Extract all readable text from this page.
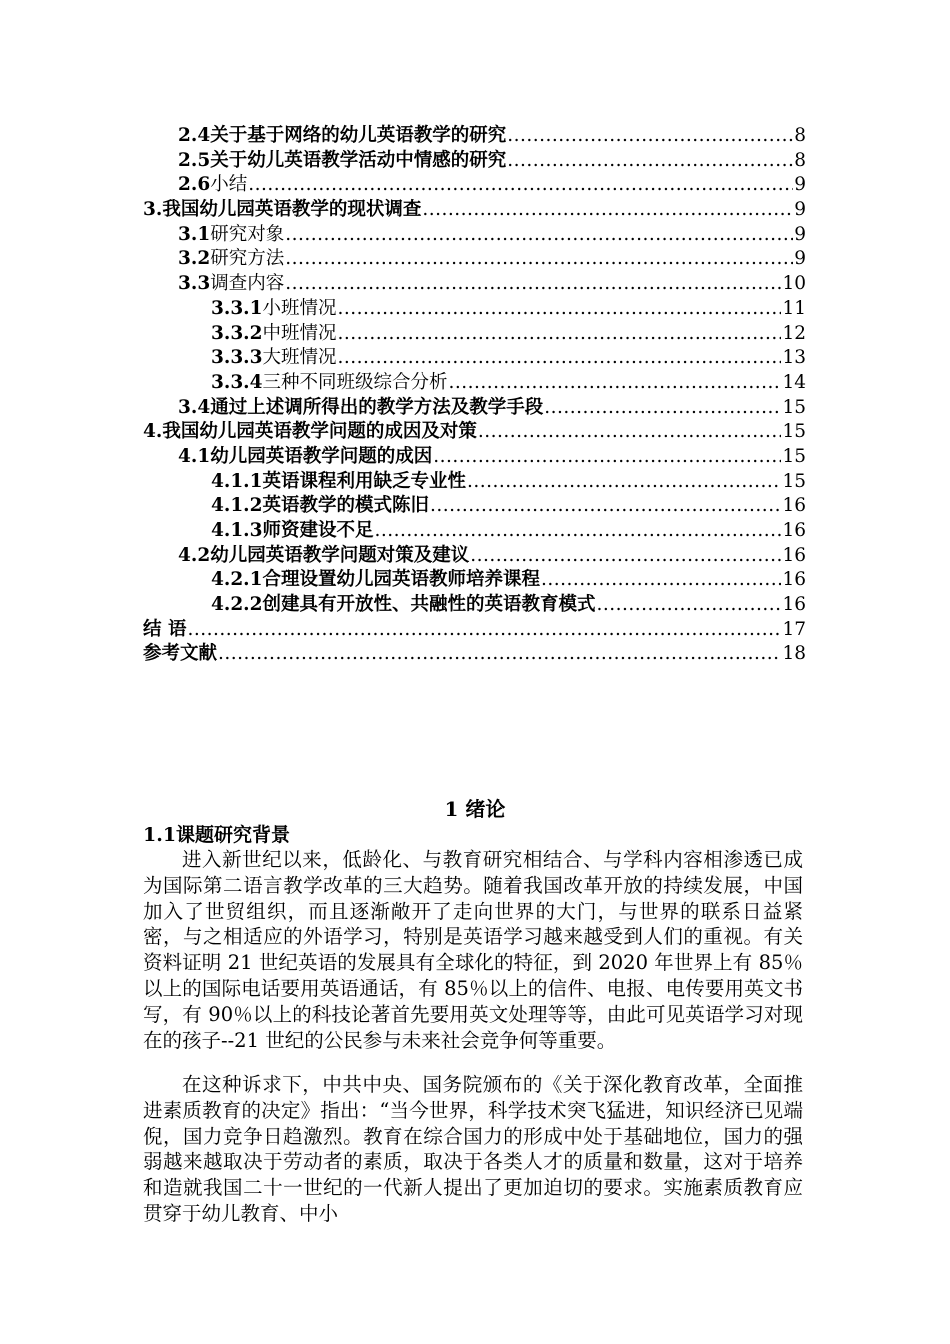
2.4 关于基于网络的幼儿英语教学的研究 .....	8
2.5 关于幼儿英语教学活动中情感的研究 .....	8
2.6 小结 .....	9
3. 我国幼儿园英语教学的现状调查 .....	9
3.1 研究对象 .....	9
3.2 研究方法 .....	9
3.3 调查内容 .....	10
3.3.1 小班情况 .....	11
3.3.2 中班情况 .....	12
3.3.3 大班情况 .....	13
3.3.4 三种不同班级综合分析 .....	14
3.4 通过上述调所得出的教学方法及教学手段 .....	15
4. 我国幼儿园英语教学问题的成因及对策 .....	15
4.1 幼儿园英语教学问题的成因 .....	15
4.1.1 英语课程利用缺乏专业性 .....	15
4.1.2 英语教学的模式陈旧 .....	16
4.1.3 师资建设不足 .....	16
4.2 幼儿园英语教学问题对策及建议 .....	16
4.2.1 合理设置幼儿园英语教师培养课程 .....	16
4.2.2 创建具有开放性、共融性的英语教育模式 .....	16
结 语 .....	17
参考文献 .....	18
1 绪论
1.1课题研究背景

进入新世纪以来，低龄化、与教育研究相结合、与学科内容相渗透已成为国际第二语言教学改革的三大趋势。随着我国改革开放的持续发展，中国加入了世贸组织，而且逐渐敞开了走向世界的大门，与世界的联系日益紧密，与之相适应的外语学习，特别是英语学习越来越受到人们的重视。有关资料证明 21 世纪英语的发展具有全球化的特征，到 2020 年世界上有 85％以上的国际电话要用英语通话，有 85％以上的信件、电报、电传要用英文书写，有 90％以上的科技论著首先要用英文处理等等，由此可见英语学习对现在的孩子--21 世纪的公民参与未来社会竞争何等重要。

在这种诉求下，中共中央、国务院颁布的《关于深化教育改革，全面推进素质教育的决定》指出：“当今世界，科学技术突飞猛进，知识经济已见端倪，国力竞争日趋激烈。教育在综合国力的形成中处于基础地位，国力的强弱越来越取决于劳动者的素质，取决于各类人才的质量和数量，这对于培养和造就我国二十一世纪的一代新人提出了更加迫切的要求。实施素质教育应贯穿于幼儿教育、中小
